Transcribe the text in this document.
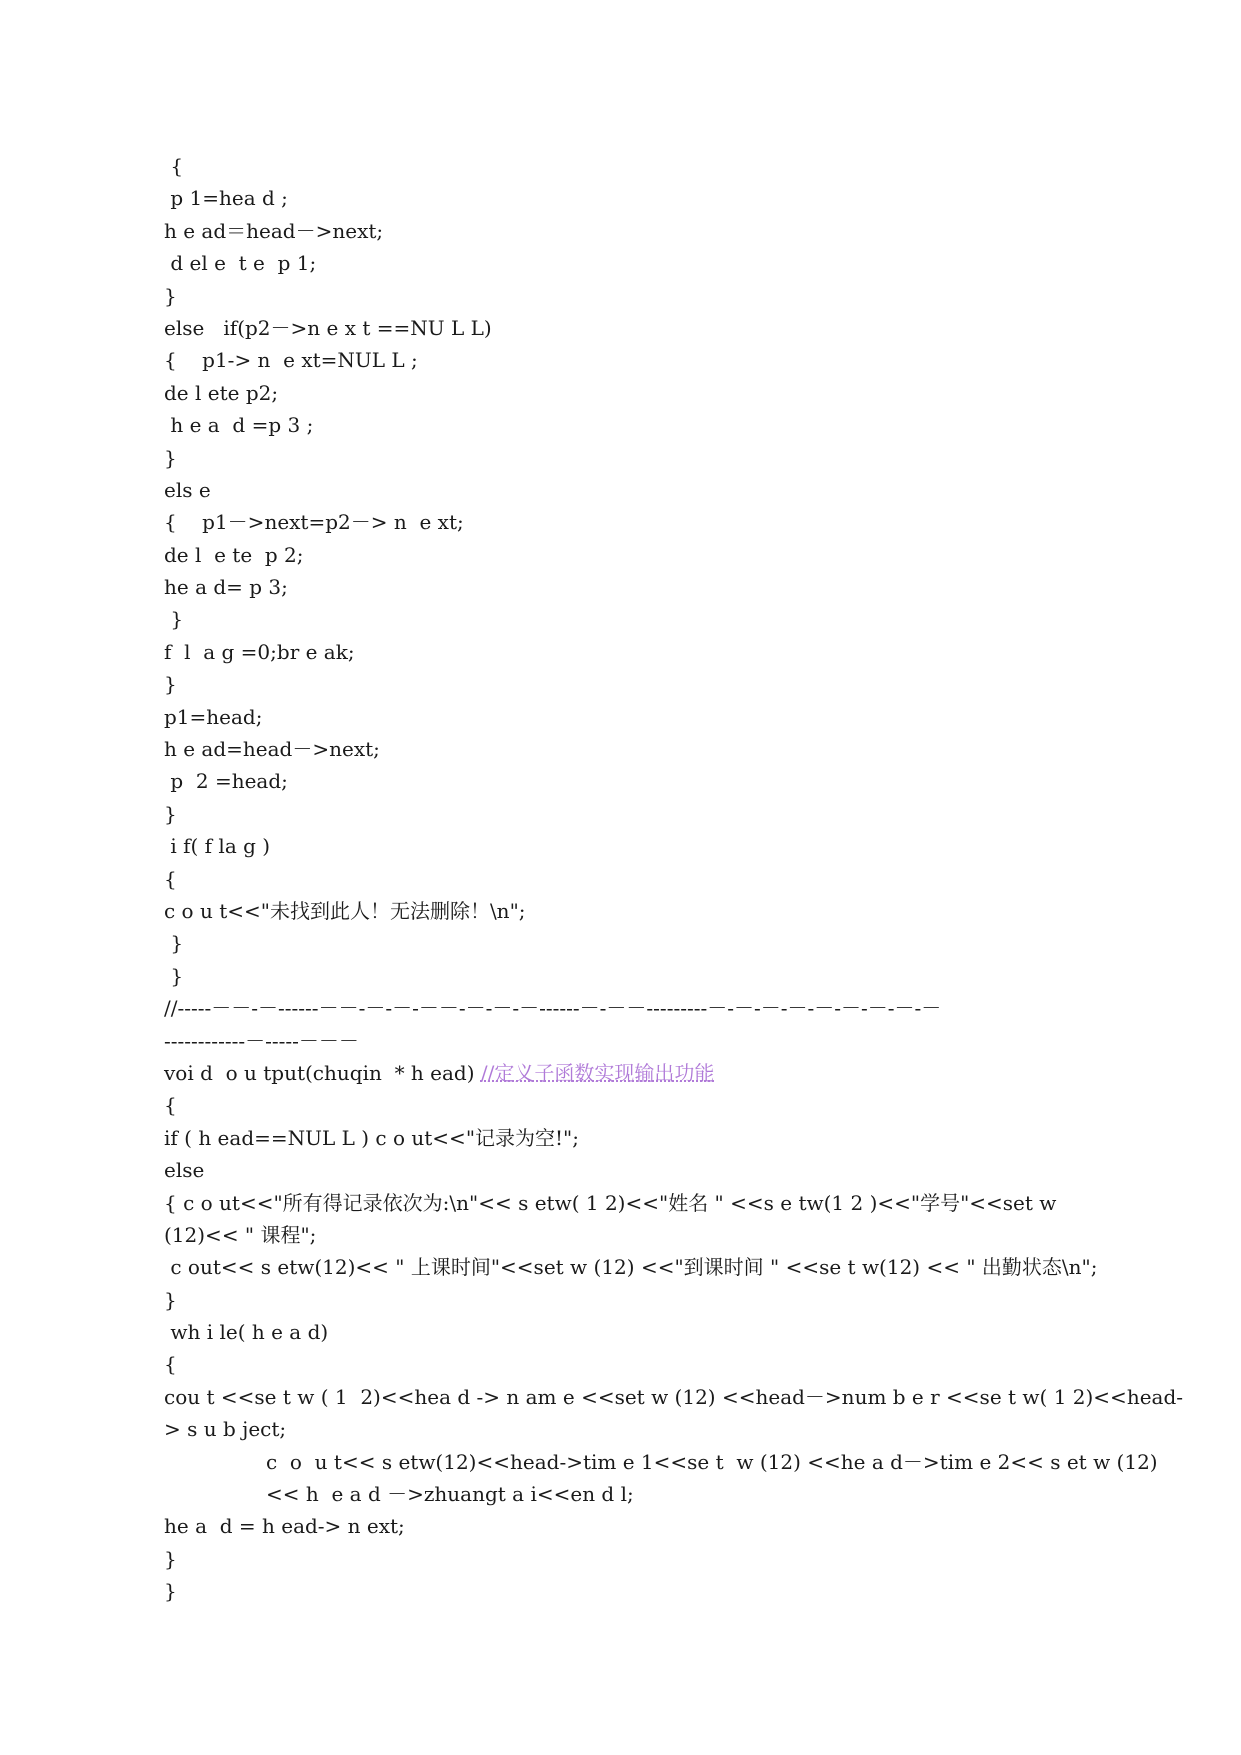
{
p 1=hea d ;
h e ad＝head－>next;
d el e  t e  p 1;
}
else   if(p2－>n e x t ==NU L L)
{    p1-> n  e xt=NUL L ;
de l ete p2;
h e a  d =p 3 ;
}
els e
{    p1－>next=p2－> n  e xt;
de l  e te  p 2;
he a d= p 3;
}
f  l  a g =0;br e ak;
}
p1=head;
h e ad=head－>next;
p  2 =head;
}
i f( f la g )
{
c o u t<<"未找到此人！无法删除！\n";
}
}
//-----－－-－------－－-－-－-－－-－-－-－------－-－－---------－-－-－-－-－-－-－-－-－
------------－-----－－－
voi d  o u tput(chuqin  * h ead) //定义子函数实现输出功能
{
if ( h ead==NUL L ) c o ut<<"记录为空!";
else
{ c o ut<<"所有得记录依次为:\n"<< s etw( 1 2)<<"姓名 " <<s e tw(1 2 )<<"学号"<<set w
(12)<< " 课程";
c out<< s etw(12)<< " 上课时间"<<set w (12) <<"到课时间 " <<se t w(12) << " 出勤状态\n";
}
wh i le( h e a d)
{
cou t <<se t w ( 1  2)<<hea d -> n am e <<set w (12) <<head－>num b e r <<se t w( 1 2)<<head-
> s u b ject;
c  o  u t<< s etw(12)<<head->tim e 1<<se t  w (12) <<he a d－>tim e 2<< s et w (12)
<< h  e a d －>zhuangt a i<<en d l;
he a  d = h ead-> n ext;
}
}
